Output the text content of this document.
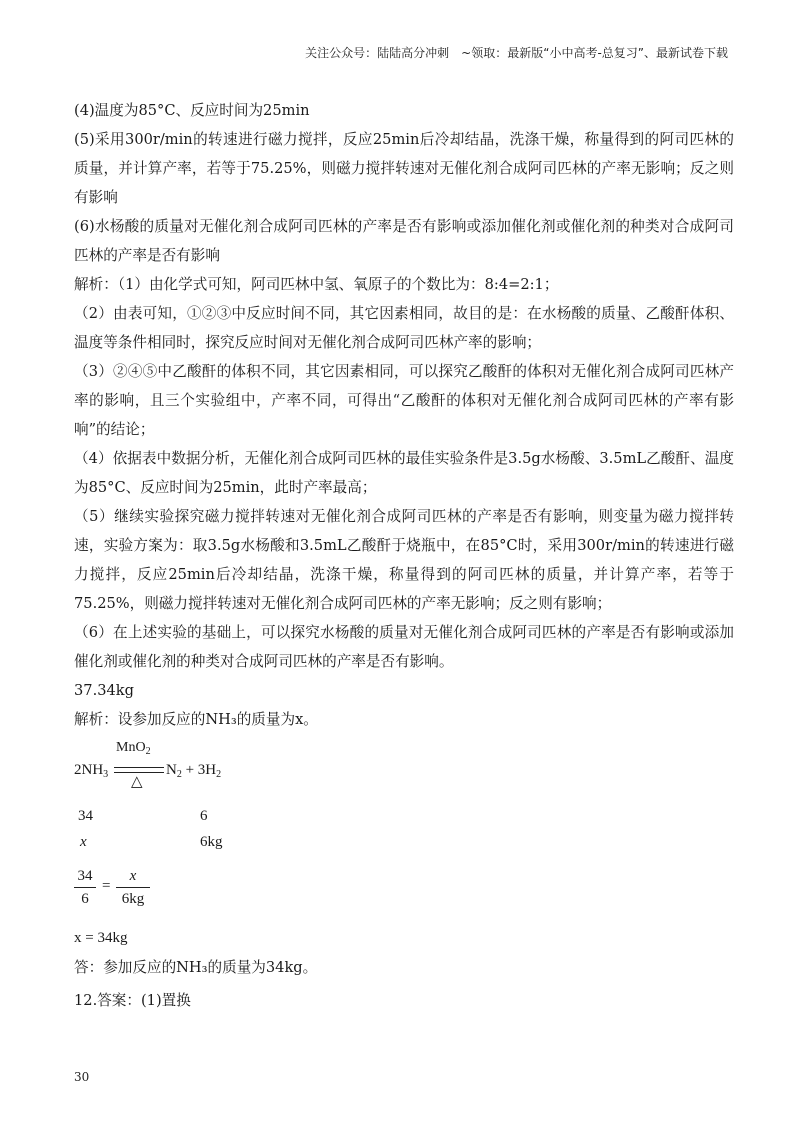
关注公众号：陆陆高分冲刺　~领取：最新版“小中高考-总复习”、最新试卷下载

(4)温度为85°C、反应时间为25min

(5)采用300r/min的转速进行磁力搅拌，反应25min后冷却结晶，洗涤干燥，称量得到的阿司匹林的质量，并计算产率，若等于75.25%，则磁力搅拌转速对无催化剂合成阿司匹林的产率无影响；反之则有影响

(6)水杨酸的质量对无催化剂合成阿司匹林的产率是否有影响或添加催化剂或催化剂的种类对合成阿司匹林的产率是否有影响

解析：（1）由化学式可知，阿司匹林中氢、氧原子的个数比为：8:4=2:1；

（2）由表可知，①②③中反应时间不同，其它因素相同，故目的是：在水杨酸的质量、乙酸酐体积、温度等条件相同时，探究反应时间对无催化剂合成阿司匹林产率的影响；

（3）②④⑤中乙酸酐的体积不同，其它因素相同，可以探究乙酸酐的体积对无催化剂合成阿司匹林产率的影响，且三个实验组中，产率不同，可得出“乙酸酐的体积对无催化剂合成阿司匹林的产率有影响”的结论；

（4）依据表中数据分析，无催化剂合成阿司匹林的最佳实验条件是3.5g水杨酸、3.5mL乙酸酐、温度为85°C、反应时间为25min，此时产率最高；

（5）继续实验探究磁力搅拌转速对无催化剂合成阿司匹林的产率是否有影响，则变量为磁力搅拌转速，实验方案为：取3.5g水杨酸和3.5mL乙酸酐于烧瓶中，在85°C时，采用300r/min的转速进行磁力搅拌，反应25min后冷却结晶，洗涤干燥，称量得到的阿司匹林的质量，并计算产率，若等于75.25%，则磁力搅拌转速对无催化剂合成阿司匹林的产率无影响；反之则有影响；

（6）在上述实验的基础上，可以探究水杨酸的质量对无催化剂合成阿司匹林的产率是否有影响或添加催化剂或催化剂的种类对合成阿司匹林的产率是否有影响。

37.34kg

解析：设参加反应的NH₃的质量为x。

$2NH_3$
MnO$_2$
△
$N_2 + 3H_2$
34	6
x	6kg
34
6
=
x
6kg

x = 34kg

答：参加反应的NH₃的质量为34kg。

12.答案：(1)置换

30
